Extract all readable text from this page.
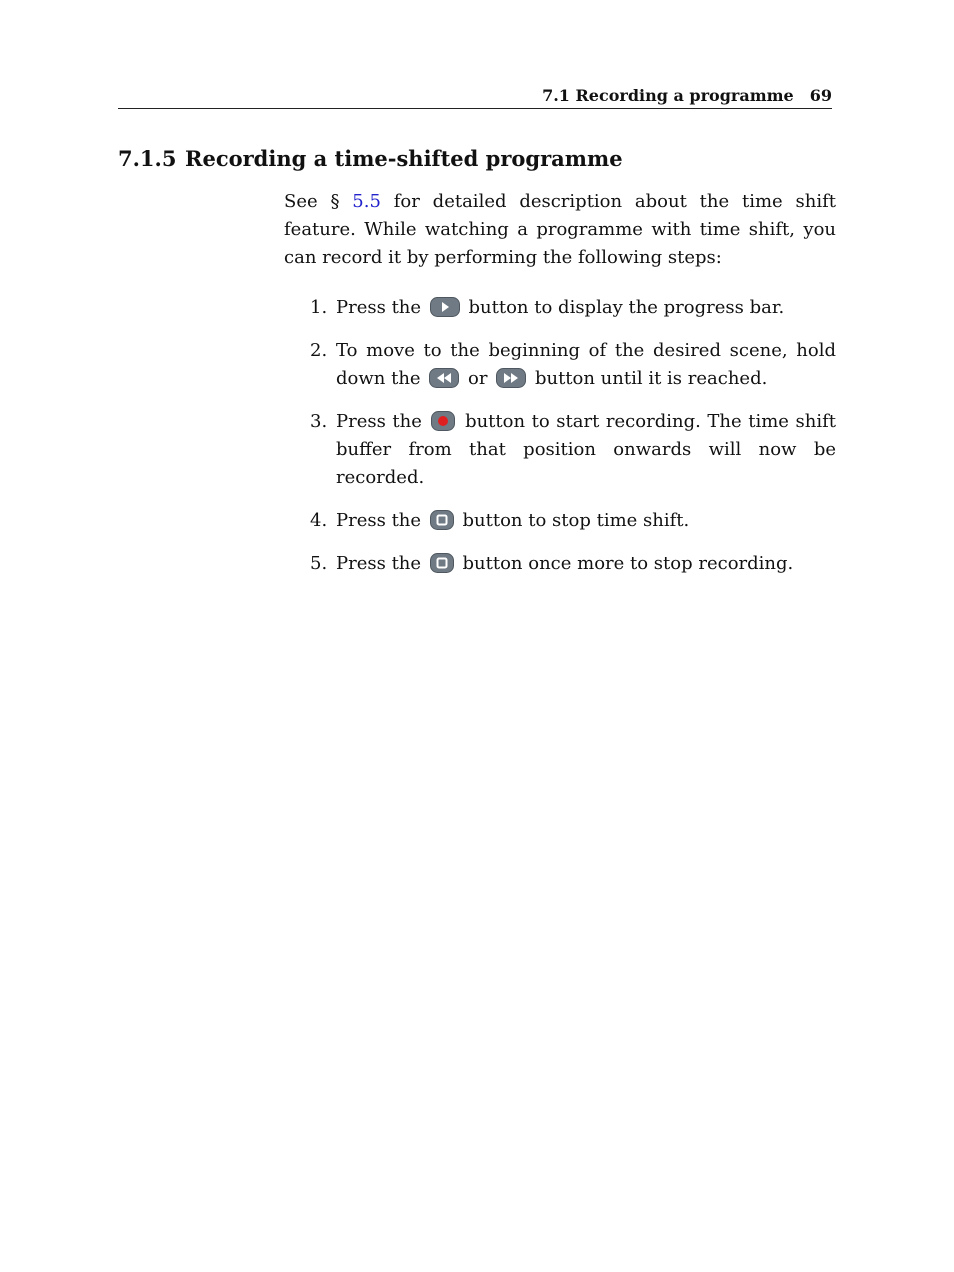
7.1 Recording a programme 69
7.1.5 Recording a time-shifted programme

See § 5.5 for detailed description about the time shift feature. While watching a programme with time shift, you can record it by performing the following steps:

1. Press the	button to display the progress bar.
2. To move to the beginning of the desired scene, hold down the	or	button until it is reached.
3. Press the button to start recording. The time shift buffer from that position onwards will now be recorded.
4. Press the button to stop time shift.
5. Press the button once more to stop recording.
